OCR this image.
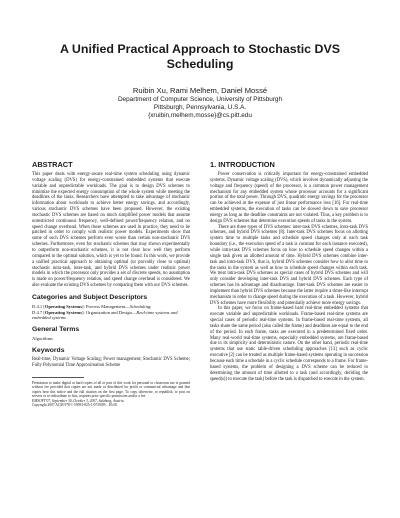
A Unified Practical Approach to Stochastic DVS
Scheduling
Ruibin Xu, Rami Melhem, Daniel Mossé
Department of Computer Science, University of Pittsburgh
Pittsburgh, Pennsylvania, U.S.A.
{xruibin,melhem,mosse}@cs.pitt.edu
ABSTRACT

This paper deals with energy-aware real-time system scheduling using dynamic voltage scaling (DVS) for energy-constrained embedded systems that execute variable and unpredictable workloads. The goal is to design DVS schemes to minimize the expected energy consumption of the whole system while meeting the deadlines of the tasks. Researchers have attempted to take advantage of stochastic information about workloads to achieve better energy savings, and accordingly, various stochastic DVS schemes have been proposed. However, the existing stochastic DVS schemes are based on much simplified power models that assume unrestricted continuous frequency, well-defined power/frequency relation, and no speed change overhead. When those schemes are used in practice, they need to be patched in order to comply with realistic power models. Experiments show that some of such DVS schemes perform even worse than certain non-stochastic DVS schemes. Furthermore, even for stochastic schemes that may shown experimentally to outperform non-stochastic schemes, it is not clear how well they perform compared to the optimal solution, which is yet to be found. In this work, we provide a unified practical approach to obtaining optimal (or provably close to optimal) stochastic intra-task, inter-task, and hybrid DVS schemes under realistic power models in which the processor only provides a set of discrete speeds, no assumption is made on power/frequency relation, and speed change overhead is considered. We also evaluate the existing DVS schemes by comparing them with our DVS schemes.

Categories and Subject Descriptors

D.4.1 [Operating Systems]: Process Management—Scheduling;

D.4.7 [Operating Systems]: Organization and Design—Real-time systems and embedded systems

General Terms

Algorithms

Keywords

Real-time; Dynamic Voltage Scaling; Power management; Stochastic DVS Scheme; Fully Polynomial Time Approximation Scheme

Permission to make digital or hard copies of all or part of this work for personal or classroom use is granted without fee provided that copies are not made or distributed for profit or commercial advantage and that copies bear this notice and the full citation on the first page. To copy otherwise, to republish, to post on servers or to redistribute to lists, requires prior specific permission and/or a fee.

EMSOFT'07, September 30–October 3, 2007, Salzburg, Austria.

Copyright 2007 ACM 978-1-59593-825-1/07/0009 ...$5.00.

1. INTRODUCTION

Power conservation is critically important for energy-constrained embedded systems. Dynamic voltage scaling (DVS), which involves dynamically adjusting the voltage and frequency (speed) of the processor, is a common power management mechanism for any embedded system whose processor accounts for a significant portion of the total power. Through DVS, quadratic energy savings for the processor can be achieved at the expense of just linear performance loss [16]. For real-time embedded systems, the execution of tasks can be slowed down to save processor energy as long as the deadline constraints are not violated. Thus, a key problem is to design DVS schemes that determine execution speeds of tasks in the system.

There are three types of DVS schemes: inter-task DVS schemes, intra-task DVS schemes, and hybrid DVS schemes [8]. Inter-task DVS schemes focus on allotting system time to multiple tasks and schedule speed changes only at each task boundary (i.e., the execution speed of a task is constant for each instance executed), while intra-task DVS schemes focus on how to schedule speed changes within a single task given an allotted amount of time. Hybrid DVS schemes combine inter-task and intra-task DVS, that is, hybrid DVS schemes consider how to allot time to the tasks in the system as well as how to schedule speed changes within each task. We treat intra-task DVS schemes as special cases of hybrid DVS schemes and will only consider developing inter-task DVS and hybrid DVS schemes. Each type of schemes has its advantage and disadvantage. Inter-task DVS schemes are easier to implement than hybrid DVS schemes because the latter require a timer-like interrupt mechanism in order to change speed during the execution of a task. However, hybrid DVS schemes have more flexibility and potentially achieve more energy savings.

In this paper, we focus on frame-based hard real-time embedded systems that execute variable and unpredictable workloads. Frame-based real-time systems are special cases of periodic real-time systems. In frame-based real-time systems, all tasks share the same period (also called the frame) and deadlines are equal to the end of the period. In each frame, tasks are executed in a predetermined fixed order. Many real-world real-time systems, especially embedded systems, are frame-based due to its simplicity and deterministic nature. On the other hand, periodic real-time systems that use static table-driven scheduling approaches [13] such as cyclic executive [2] can be treated as multiple frame-based systems operating in succession because each time a schedule in a cyclic schedule corresponds to a frame. For frame-based systems, the problem of designing a DVS scheme can be reduced to determining the amount of time allotted to a task (and accordingly, deciding the speed(s)) to execute the task) before the task is dispatched to execute in the system.
